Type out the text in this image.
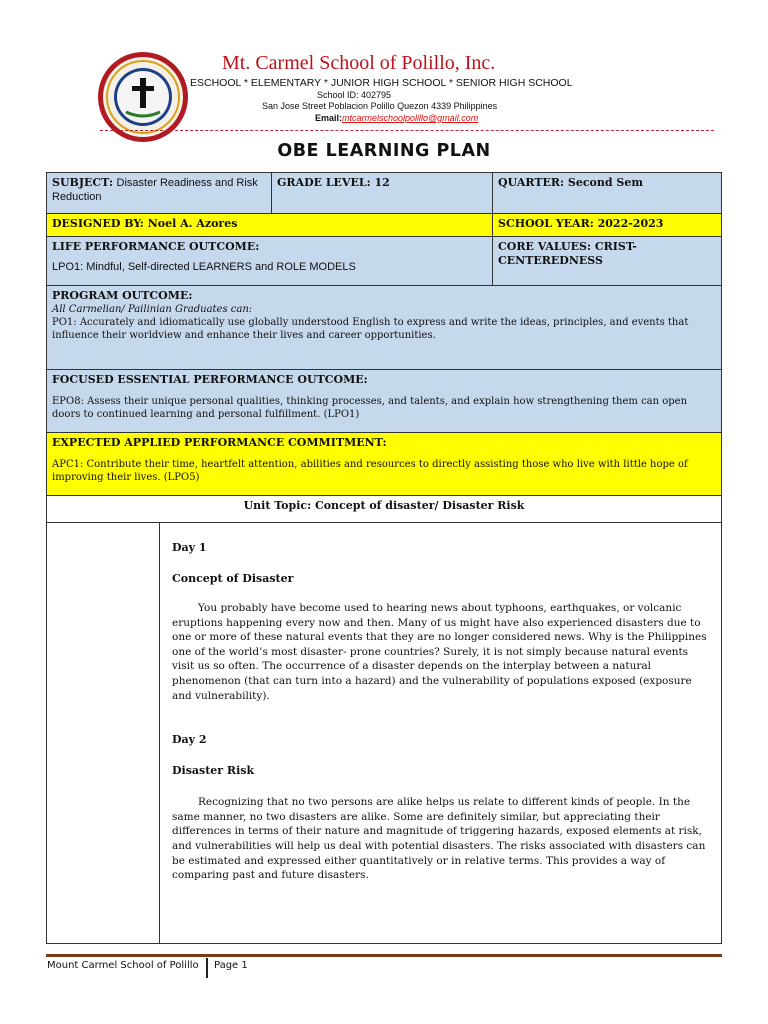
Mt. Carmel School of Polillo, Inc.
ESCHOOL * ELEMENTARY * JUNIOR HIGH SCHOOL * SENIOR HIGH SCHOOL
School ID: 402795
San Jose Street Poblacion Polillo Quezon 4339 Philippines
Email:mtcarmelschoolpolillo@gmail.com
OBE LEARNING PLAN
SUBJECT: Disaster Readiness and Risk Reduction
GRADE LEVEL: 12	QUARTER: Second Sem
DESIGNED BY: Noel A. Azores	SCHOOL YEAR: 2022-2023
LIFE PERFORMANCE OUTCOME:
LPO1: Mindful, Self-directed LEARNERS and ROLE MODELS
CORE VALUES: CRIST- CENTEREDNESS
PROGRAM OUTCOME:
All Carmelian/ Pailinian Graduates can:
PO1: Accurately and idiomatically use globally understood English to express and write the ideas, principles, and events that influence their worldview and enhance their lives and career opportunities.
FOCUSED ESSENTIAL PERFORMANCE OUTCOME:
EPO8: Assess their unique personal qualities, thinking processes, and talents, and explain how strengthening them can open doors to continued learning and personal fulfillment. (LPO1)
EXPECTED APPLIED PERFORMANCE COMMITMENT:
APC1: Contribute their time, heartfelt attention, abilities and resources to directly assisting those who live with little hope of improving their lives. (LPO5)
Unit Topic: Concept of disaster/ Disaster Risk

Day 1

Concept of Disaster

You probably have become used to hearing news about typhoons, earthquakes, or volcanic eruptions happening every now and then. Many of us might have also experienced disasters due to one or more of these natural events that they are no longer considered news. Why is the Philippines one of the world’s most disaster- prone countries? Surely, it is not simply because natural events visit us so often. The occurrence of a disaster depends on the interplay between a natural phenomenon (that can turn into a hazard) and the vulnerability of populations exposed (exposure and vulnerability).

Day 2

Disaster Risk

Recognizing that no two persons are alike helps us relate to different kinds of people. In the same manner, no two disasters are alike. Some are definitely similar, but appreciating their differences in terms of their nature and magnitude of triggering hazards, exposed elements at risk, and vulnerabilities will help us deal with potential disasters. The risks associated with disasters can be estimated and expressed either quantitatively or in relative terms. This provides a way of comparing past and future disasters.

Mount Carmel School of Polillo Page 1
